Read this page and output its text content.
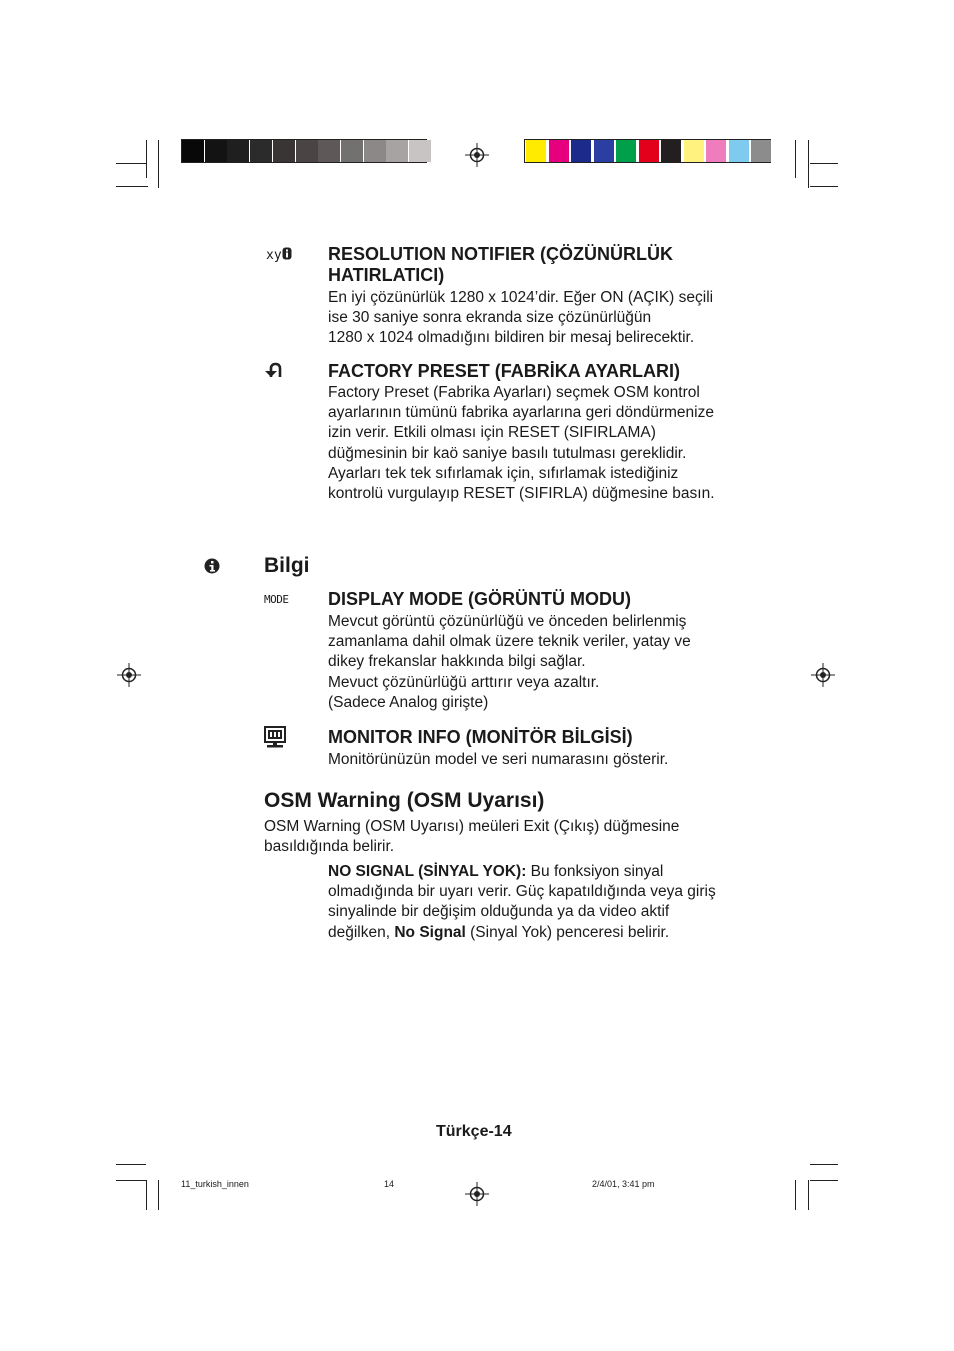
xy	RESOLUTION NOTIFIER (ÇÖZÜNÜRLÜK
HATIRLATICI)
En iyi çözünürlük 1280 x 1024’dir. Eğer ON (AÇIK) seçili
ise 30 saniye sonra ekranda size çözünürlüğün
1280 x 1024 olmadığını bildiren bir mesaj belirecektir.
FACTORY PRESET (FABRİKA AYARLARI)
Factory Preset (Fabrika Ayarları) seçmek OSM kontrol
ayarlarının tümünü fabrika ayarlarına geri döndürmenize
izin verir. Etkili olması için RESET (SIFIRLAMA)
düğmesinin bir kaö saniye basılı tutulması gereklidir.
Ayarları tek tek sıfırlamak için, sıfırlamak istediğiniz
kontrolü vurgulayıp RESET (SIFIRLA) düğmesine basın.
Bilgi
MODE DISPLAY MODE (GÖRÜNTÜ MODU)
Mevcut görüntü çözünürlüğü ve önceden belirlenmiş
zamanlama dahil olmak üzere teknik veriler, yatay ve
dikey frekanslar hakkında bilgi sağlar.
Mevuct çözünürlüğü arttırır veya azaltır.
(Sadece Analog girişte)
MONITOR INFO (MONİTÖR BİLGİSİ)
Monitörünüzün model ve seri numarasını gösterir.
OSM Warning (OSM Uyarısı)
OSM Warning (OSM Uyarısı) meüleri Exit (Çıkış) düğmesine
basıldığında belirir.
NO SIGNAL (SİNYAL YOK): Bu fonksiyon sinyal
olmadığında bir uyarı verir. Güç kapatıldığında veya giriş
sinyalinde bir değişim olduğunda ya da video aktif
değilken, No Signal (Sinyal Yok) penceresi belirir.
Türkçe-14
11_turkish_innen	14	2/4/01, 3:41 pm
